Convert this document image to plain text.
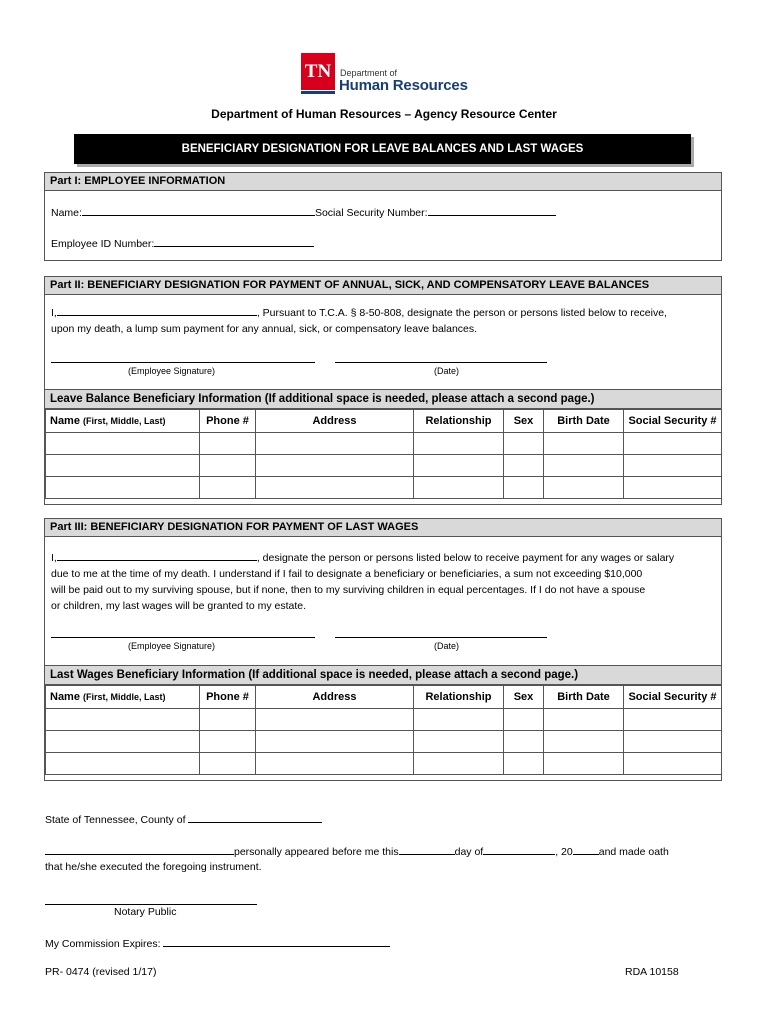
TN Department of
Human Resources
Department of Human Resources – Agency Resource Center
BENEFICIARY DESIGNATION FOR LEAVE BALANCES AND LAST WAGES
Part I: EMPLOYEE INFORMATION
Name:	Social Security Number:
Employee ID Number:
Part II: BENEFICIARY DESIGNATION FOR PAYMENT OF ANNUAL, SICK, AND COMPENSATORY LEAVE BALANCES
I,	, Pursuant to T.C.A. § 8-50-808, designate the person or persons listed below to receive,
upon my death, a lump sum payment for any annual, sick, or compensatory leave balances.
(Employee Signature)	(Date)
Leave Balance Beneficiary Information (If additional space is needed, please attach a second page.)
Name (First, Middle, Last)	Phone #	Address	Relationship	Sex	Birth Date	Social Security #

Part III: BENEFICIARY DESIGNATION FOR PAYMENT OF LAST WAGES
I,	, designate the person or persons listed below to receive payment for any wages or salary
due to me at the time of my death. I understand if I fail to designate a beneficiary or beneficiaries, a sum not exceeding $10,000
will be paid out to my surviving spouse, but if none, then to my surviving children in equal percentages. If I do not have a spouse
or children, my last wages will be granted to my estate.
(Employee Signature)	(Date)
Last Wages Beneficiary Information (If additional space is needed, please attach a second page.)
Name (First, Middle, Last)	Phone #	Address	Relationship	Sex	Birth Date	Social Security #

State of Tennessee, County of
personally appeared before me this	day of	, 20 and made oath
that he/she executed the foregoing instrument.
Notary Public
My Commission Expires:
PR- 0474 (revised 1/17)	RDA 10158
